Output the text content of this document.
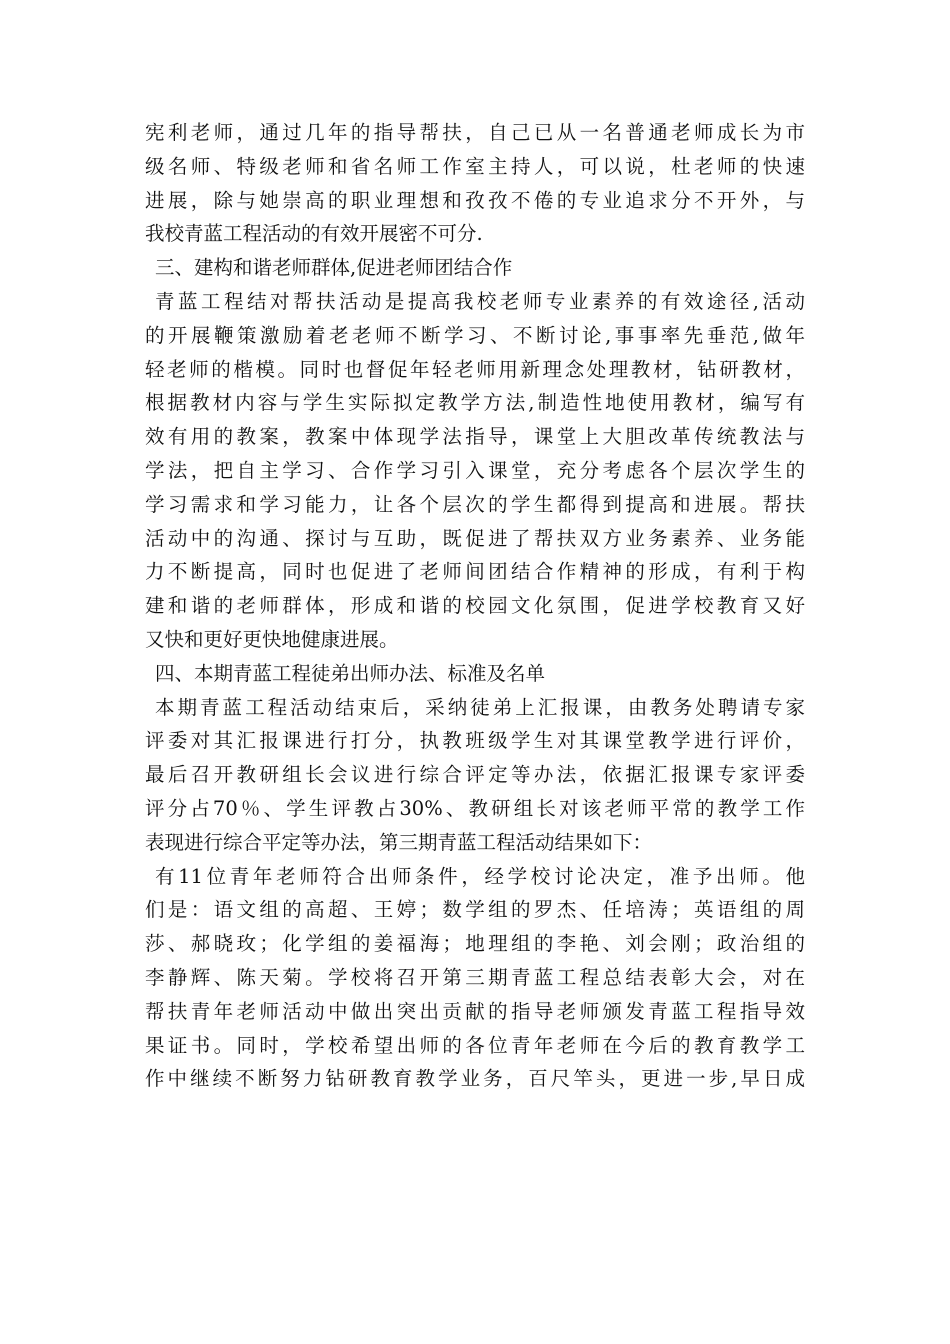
宪利老师，通过几年的指导帮扶，自己已从一名普通老师成长为市
级名师、特级老师和省名师工作室主持人，可以说，杜老师的快速
进展，除与她崇高的职业理想和孜孜不倦的专业追求分不开外，与
我校青蓝工程活动的有效开展密不可分.
三、建构和谐老师群体,促进老师团结合作
青蓝工程结对帮扶活动是提高我校老师专业素养的有效途径,活动
的开展鞭策激励着老老师不断学习、不断讨论,事事率先垂范,做年
轻老师的楷模。同时也督促年轻老师用新理念处理教材，钻研教材，
根据教材内容与学生实际拟定教学方法,制造性地使用教材，编写有
效有用的教案，教案中体现学法指导，课堂上大胆改革传统教法与
学法，把自主学习、合作学习引入课堂，充分考虑各个层次学生的
学习需求和学习能力，让各个层次的学生都得到提高和进展。帮扶
活动中的沟通、探讨与互助，既促进了帮扶双方业务素养、业务能
力不断提高，同时也促进了老师间团结合作精神的形成，有利于构
建和谐的老师群体，形成和谐的校园文化氛围，促进学校教育又好
又快和更好更快地健康进展。
四、本期青蓝工程徒弟出师办法、标准及名单
本期青蓝工程活动结束后，采纳徒弟上汇报课，由教务处聘请专家
评委对其汇报课进行打分，执教班级学生对其课堂教学进行评价，
最后召开教研组长会议进行综合评定等办法，依据汇报课专家评委
评分占70％、学生评教占30%、教研组长对该老师平常的教学工作
表现进行综合平定等办法，第三期青蓝工程活动结果如下：
有11位青年老师符合出师条件，经学校讨论决定，准予出师。他
们是：语文组的高超、王婷；数学组的罗杰、任培涛；英语组的周
莎、郝晓玫；化学组的姜福海；地理组的李艳、刘会刚；政治组的
李静辉、陈天菊。学校将召开第三期青蓝工程总结表彰大会，对在
帮扶青年老师活动中做出突出贡献的指导老师颁发青蓝工程指导效
果证书。同时，学校希望出师的各位青年老师在今后的教育教学工
作中继续不断努力钻研教育教学业务，百尺竿头，更进一步,早日成
